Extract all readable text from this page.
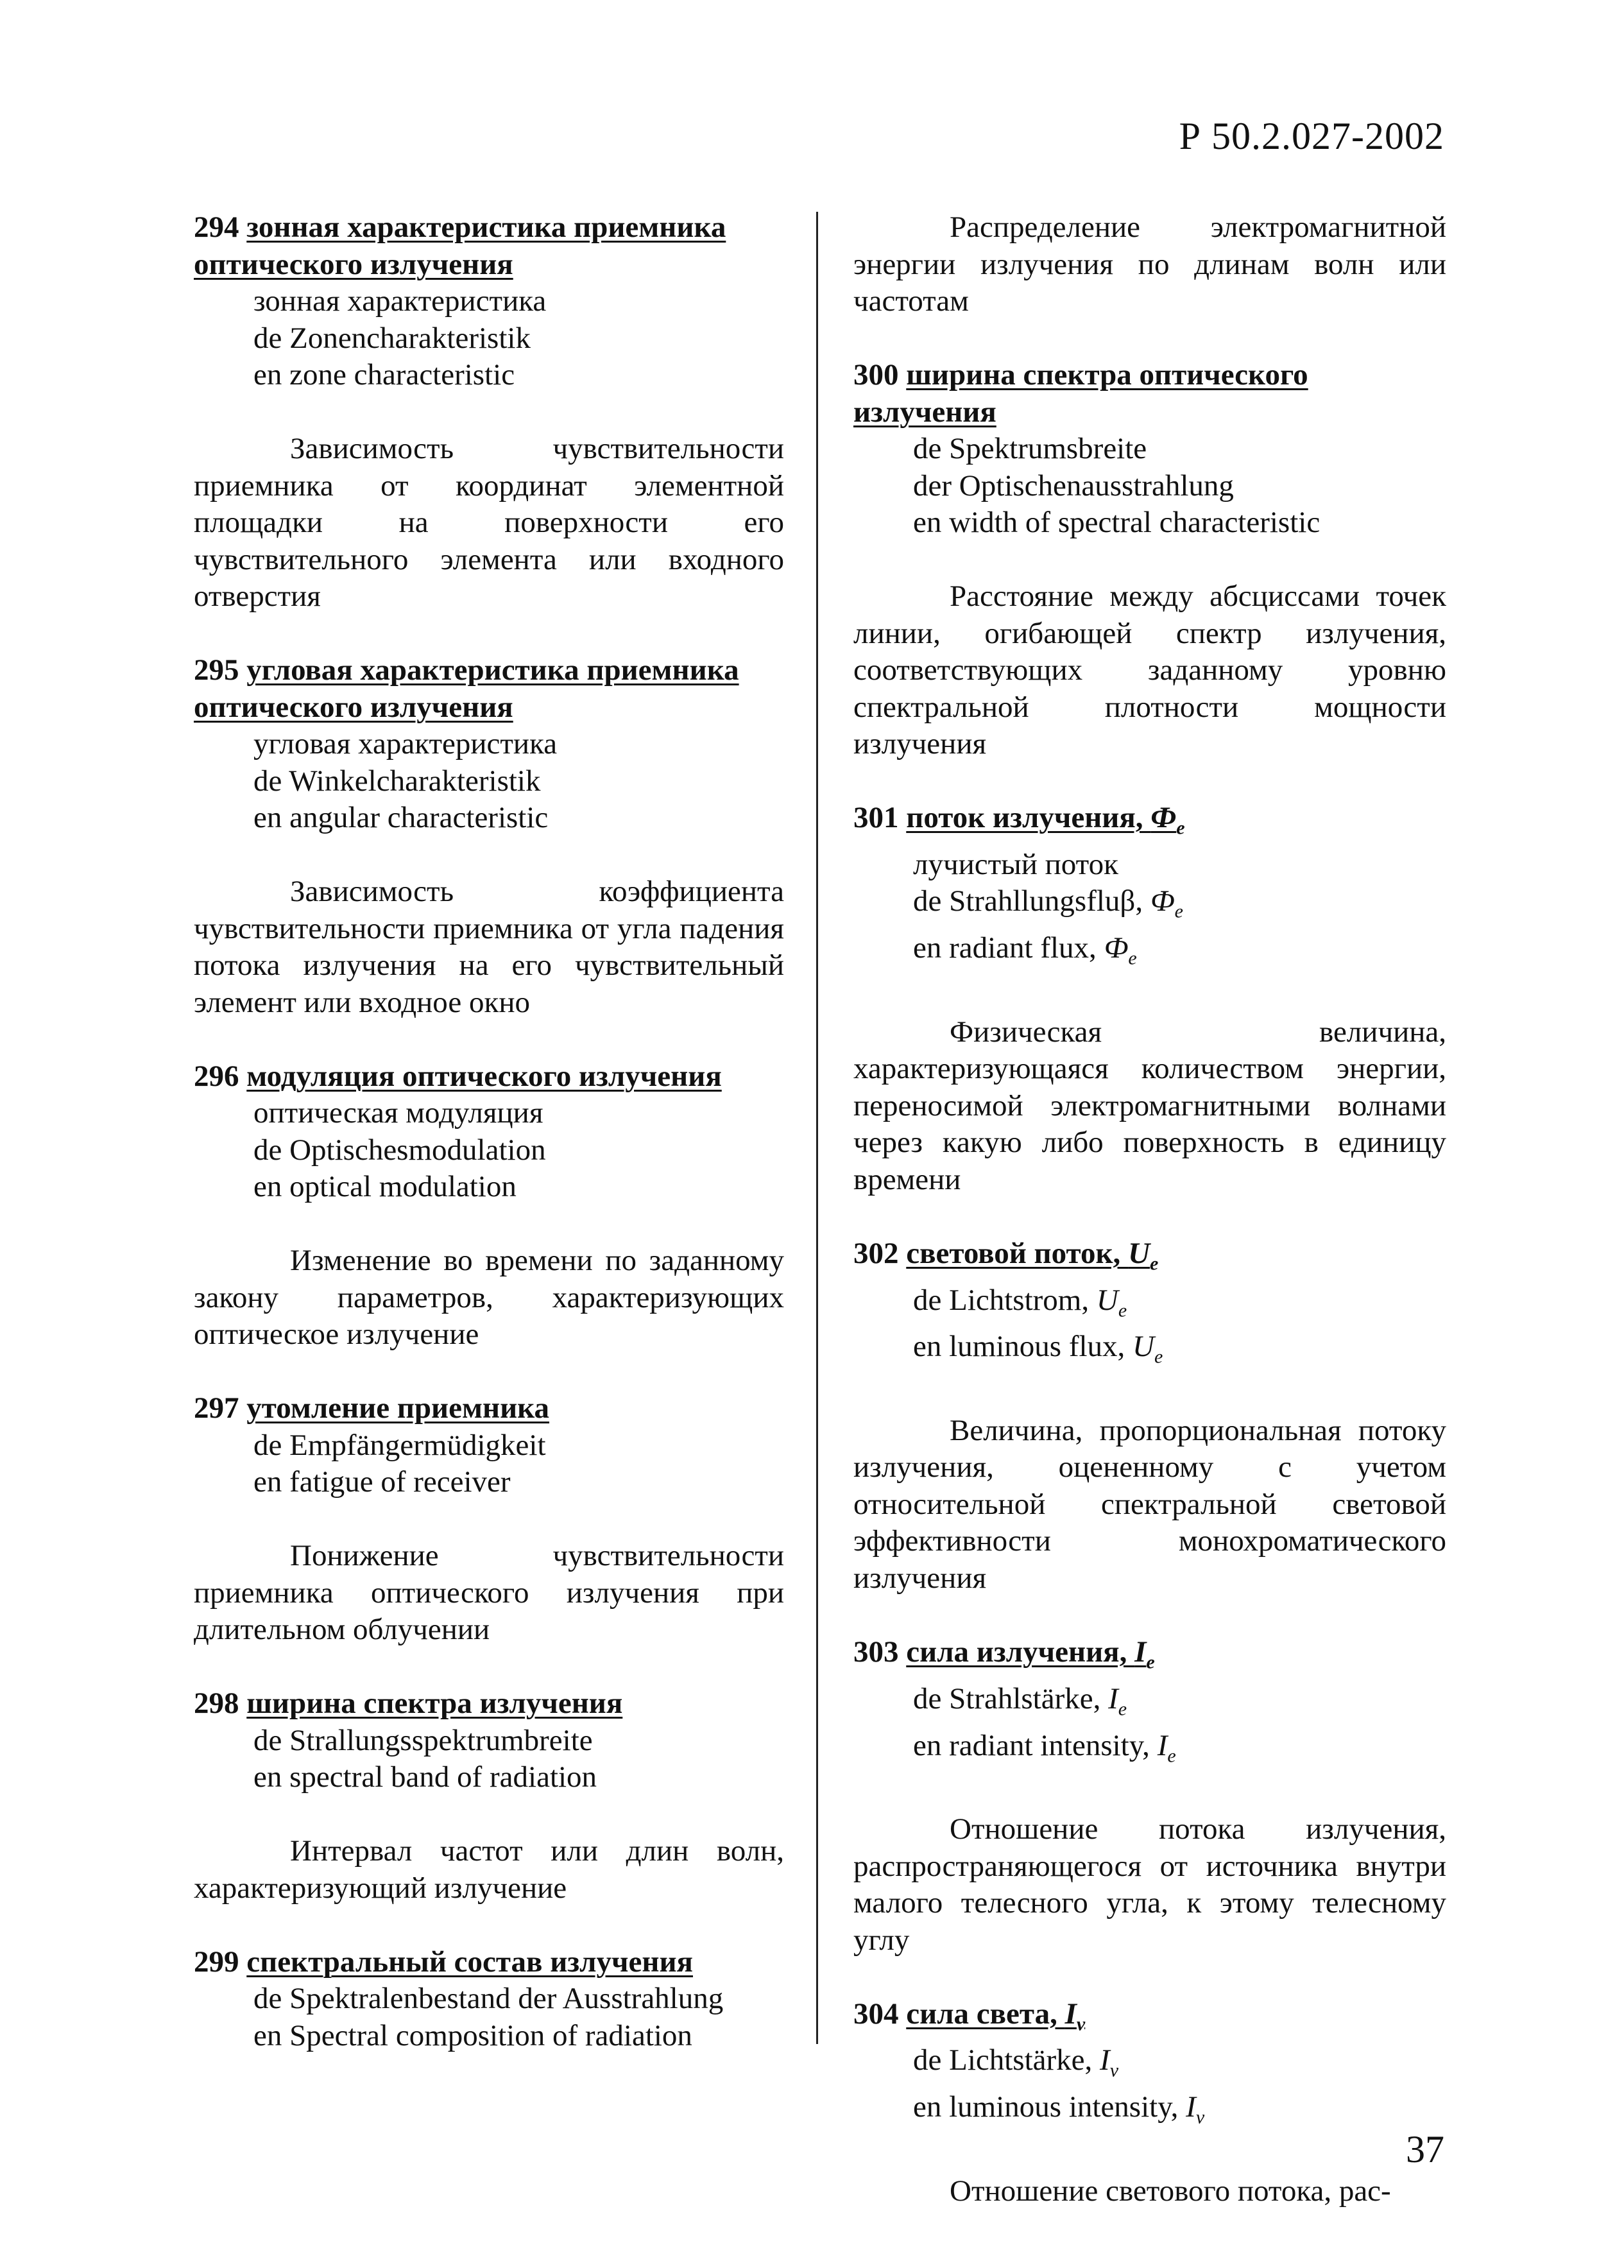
Р 50.2.027-2002
294 зонная характеристика приемника оптического излучения
зонная характеристика
de Zonencharakteristik
en zone characteristic
Зависимость чувствительности приемника от координат элементной площадки на поверхности его чувствительного элемента или входного отверстия
295 угловая характеристика приемника оптического излучения
угловая характеристика
de Winkelcharakteristik
en angular characteristic
Зависимость коэффициента чувствительности приемника от угла падения потока излучения на его чувствительный элемент или входное окно
296 модуляция оптического излучения
оптическая модуляция
de Optischesmodulation
en optical modulation
Изменение во времени по заданному закону параметров, характеризующих оптическое излучение
297 утомление приемника
de Empfängermüdigkeit
en fatigue of receiver
Понижение чувствительности приемника оптического излучения при длительном облучении
298 ширина спектра излучения
de Strallungsspektrumbreite
en spectral band of radiation
Интервал частот или длин волн, характеризующий излучение
299 спектральный состав излучения
de Spektralenbestand der Ausstrahlung
en Spectral composition of radiation
Распределение электромагнитной энергии излучения по длинам волн или частотам
300 ширина спектра оптического излучения
de Spektrumsbreite
der Optischenausstrahlung
en width of spectral characteristic
Расстояние между абсциссами точек линии, огибающей спектр излучения, соответствующих заданному уровню спектральной плотности мощности излучения
301 поток излучения, $Ф_e$
лучистый поток
de Strahllungsfluβ, $Ф_e$
en radiant flux, $Ф_e$
Физическая величина, характеризующаяся количеством энергии, переносимой электромагнитными волнами через какую либо поверхность в единицу времени
302 световой поток, $U_e$
de Lichtstrom, $U_e$
en luminous flux, $U_e$
Величина, пропорциональная потоку излучения, оцененному с учетом относительной спектральной световой эффективности монохроматического излучения
303 сила излучения, $I_e$
de Strahlstärke, $I_e$
en radiant intensity, $I_e$
Отношение потока излучения, распространяющегося от источника внутри малого телесного угла, к этому телесному углу
304 сила света, $I_v$
de Lichtstärke, $I_v$
en luminous intensity, $I_v$
Отношение светового потока, рас-
37
